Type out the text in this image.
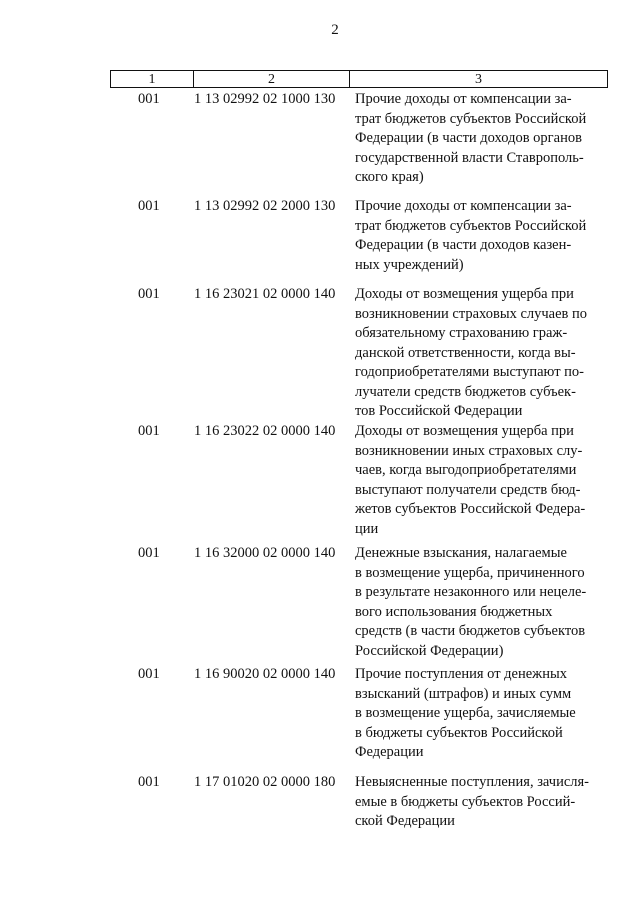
2
1	2	3
001	1 13 02992 02 1000 130	Прочие доходы от компенсации за-
трат бюджетов субъектов Российской
Федерации (в части доходов органов
государственной власти Ставрополь-
ского края)
001	1 13 02992 02 2000 130	Прочие доходы от компенсации за-
трат бюджетов субъектов Российской
Федерации (в части доходов казен-
ных учреждений)
001	1 16 23021 02 0000 140	Доходы от возмещения ущерба при
возникновении страховых случаев по
обязательному страхованию граж-
данской ответственности, когда вы-
годоприобретателями выступают по-
лучатели средств бюджетов субъек-
тов Российской Федерации
001	1 16 23022 02 0000 140	Доходы от возмещения ущерба при
возникновении иных страховых слу-
чаев, когда выгодоприобретателями
выступают получатели средств бюд-
жетов субъектов Российской Федера-
ции
001	1 16 32000 02 0000 140	Денежные взыскания, налагаемые
в возмещение ущерба, причиненного
в результате незаконного или нецеле-
вого использования бюджетных
средств (в части бюджетов субъектов
Российской Федерации)
001	1 16 90020 02 0000 140	Прочие поступления от денежных
взысканий (штрафов) и иных сумм
в возмещение ущерба, зачисляемые
в бюджеты субъектов Российской
Федерации
001	1 17 01020 02 0000 180	Невыясненные поступления, зачисля-
емые в бюджеты субъектов Россий-
ской Федерации
